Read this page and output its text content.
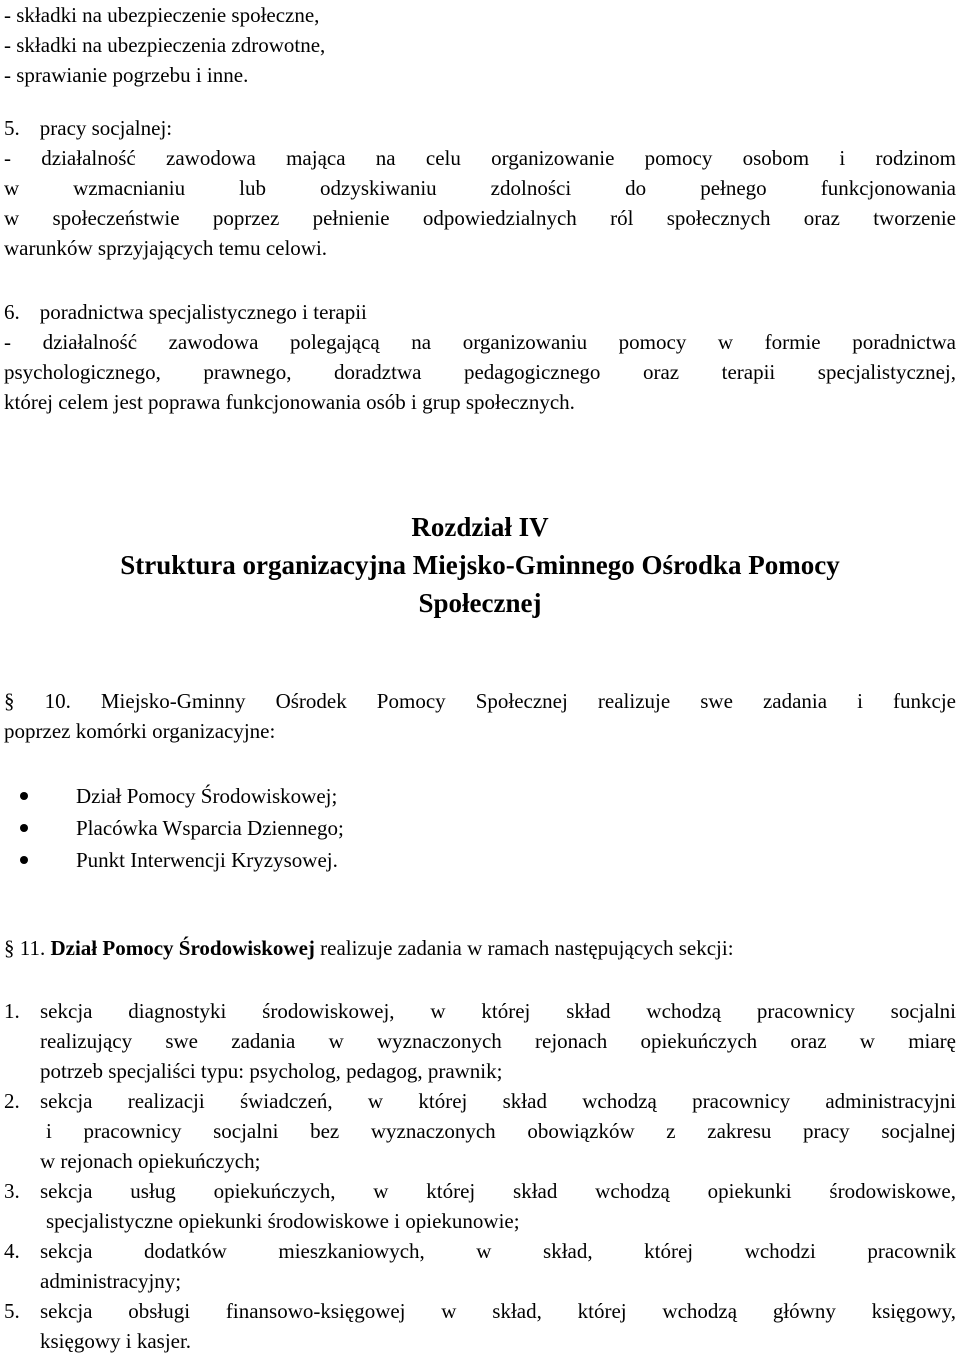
- składki na ubezpieczenie społeczne,
- składki na ubezpieczenia zdrowotne,
- sprawianie pogrzebu i inne.
5. pracy socjalnej:
- działalność zawodowa mająca na celu organizowanie pomocy osobom i rodzinom
w wzmacnianiu lub odzyskiwaniu zdolności do pełnego funkcjonowania
w społeczeństwie poprzez pełnienie odpowiedzialnych ról społecznych oraz tworzenie
warunków sprzyjających temu celowi.
6. poradnictwa specjalistycznego i terapii
- działalność zawodowa polegającą na organizowaniu pomocy w formie poradnictwa
psychologicznego, prawnego, doradztwa pedagogicznego oraz terapii specjalistycznej,
której celem jest poprawa funkcjonowania osób i grup społecznych.
Rozdział IV
Struktura organizacyjna Miejsko-Gminnego Ośrodka Pomocy
Społecznej
§ 10. Miejsko-Gminny Ośrodek Pomocy Społecznej realizuje swe zadania i funkcje
poprzez komórki organizacyjne:
Dział Pomocy Środowiskowej;
Placówka Wsparcia Dziennego;
Punkt Interwencji Kryzysowej.
§ 11. Dział Pomocy Środowiskowej realizuje zadania w ramach następujących sekcji:
1. sekcja diagnostyki środowiskowej, w której skład wchodzą pracownicy socjalni
realizujący swe zadania w wyznaczonych rejonach opiekuńczych oraz w miarę
potrzeb specjaliści typu: psycholog, pedagog, prawnik;
2. sekcja realizacji świadczeń, w której skład wchodzą pracownicy administracyjni
i pracownicy socjalni bez wyznaczonych obowiązków z zakresu pracy socjalnej
w rejonach opiekuńczych;
3. sekcja usług opiekuńczych, w której skład wchodzą opiekunki środowiskowe,
specjalistyczne opiekunki środowiskowe i opiekunowie;
4. sekcja dodatków mieszkaniowych, w skład, której wchodzi pracownik
administracyjny;
5. sekcja obsługi finansowo-księgowej w skład, której wchodzą główny księgowy,
księgowy i kasjer.
